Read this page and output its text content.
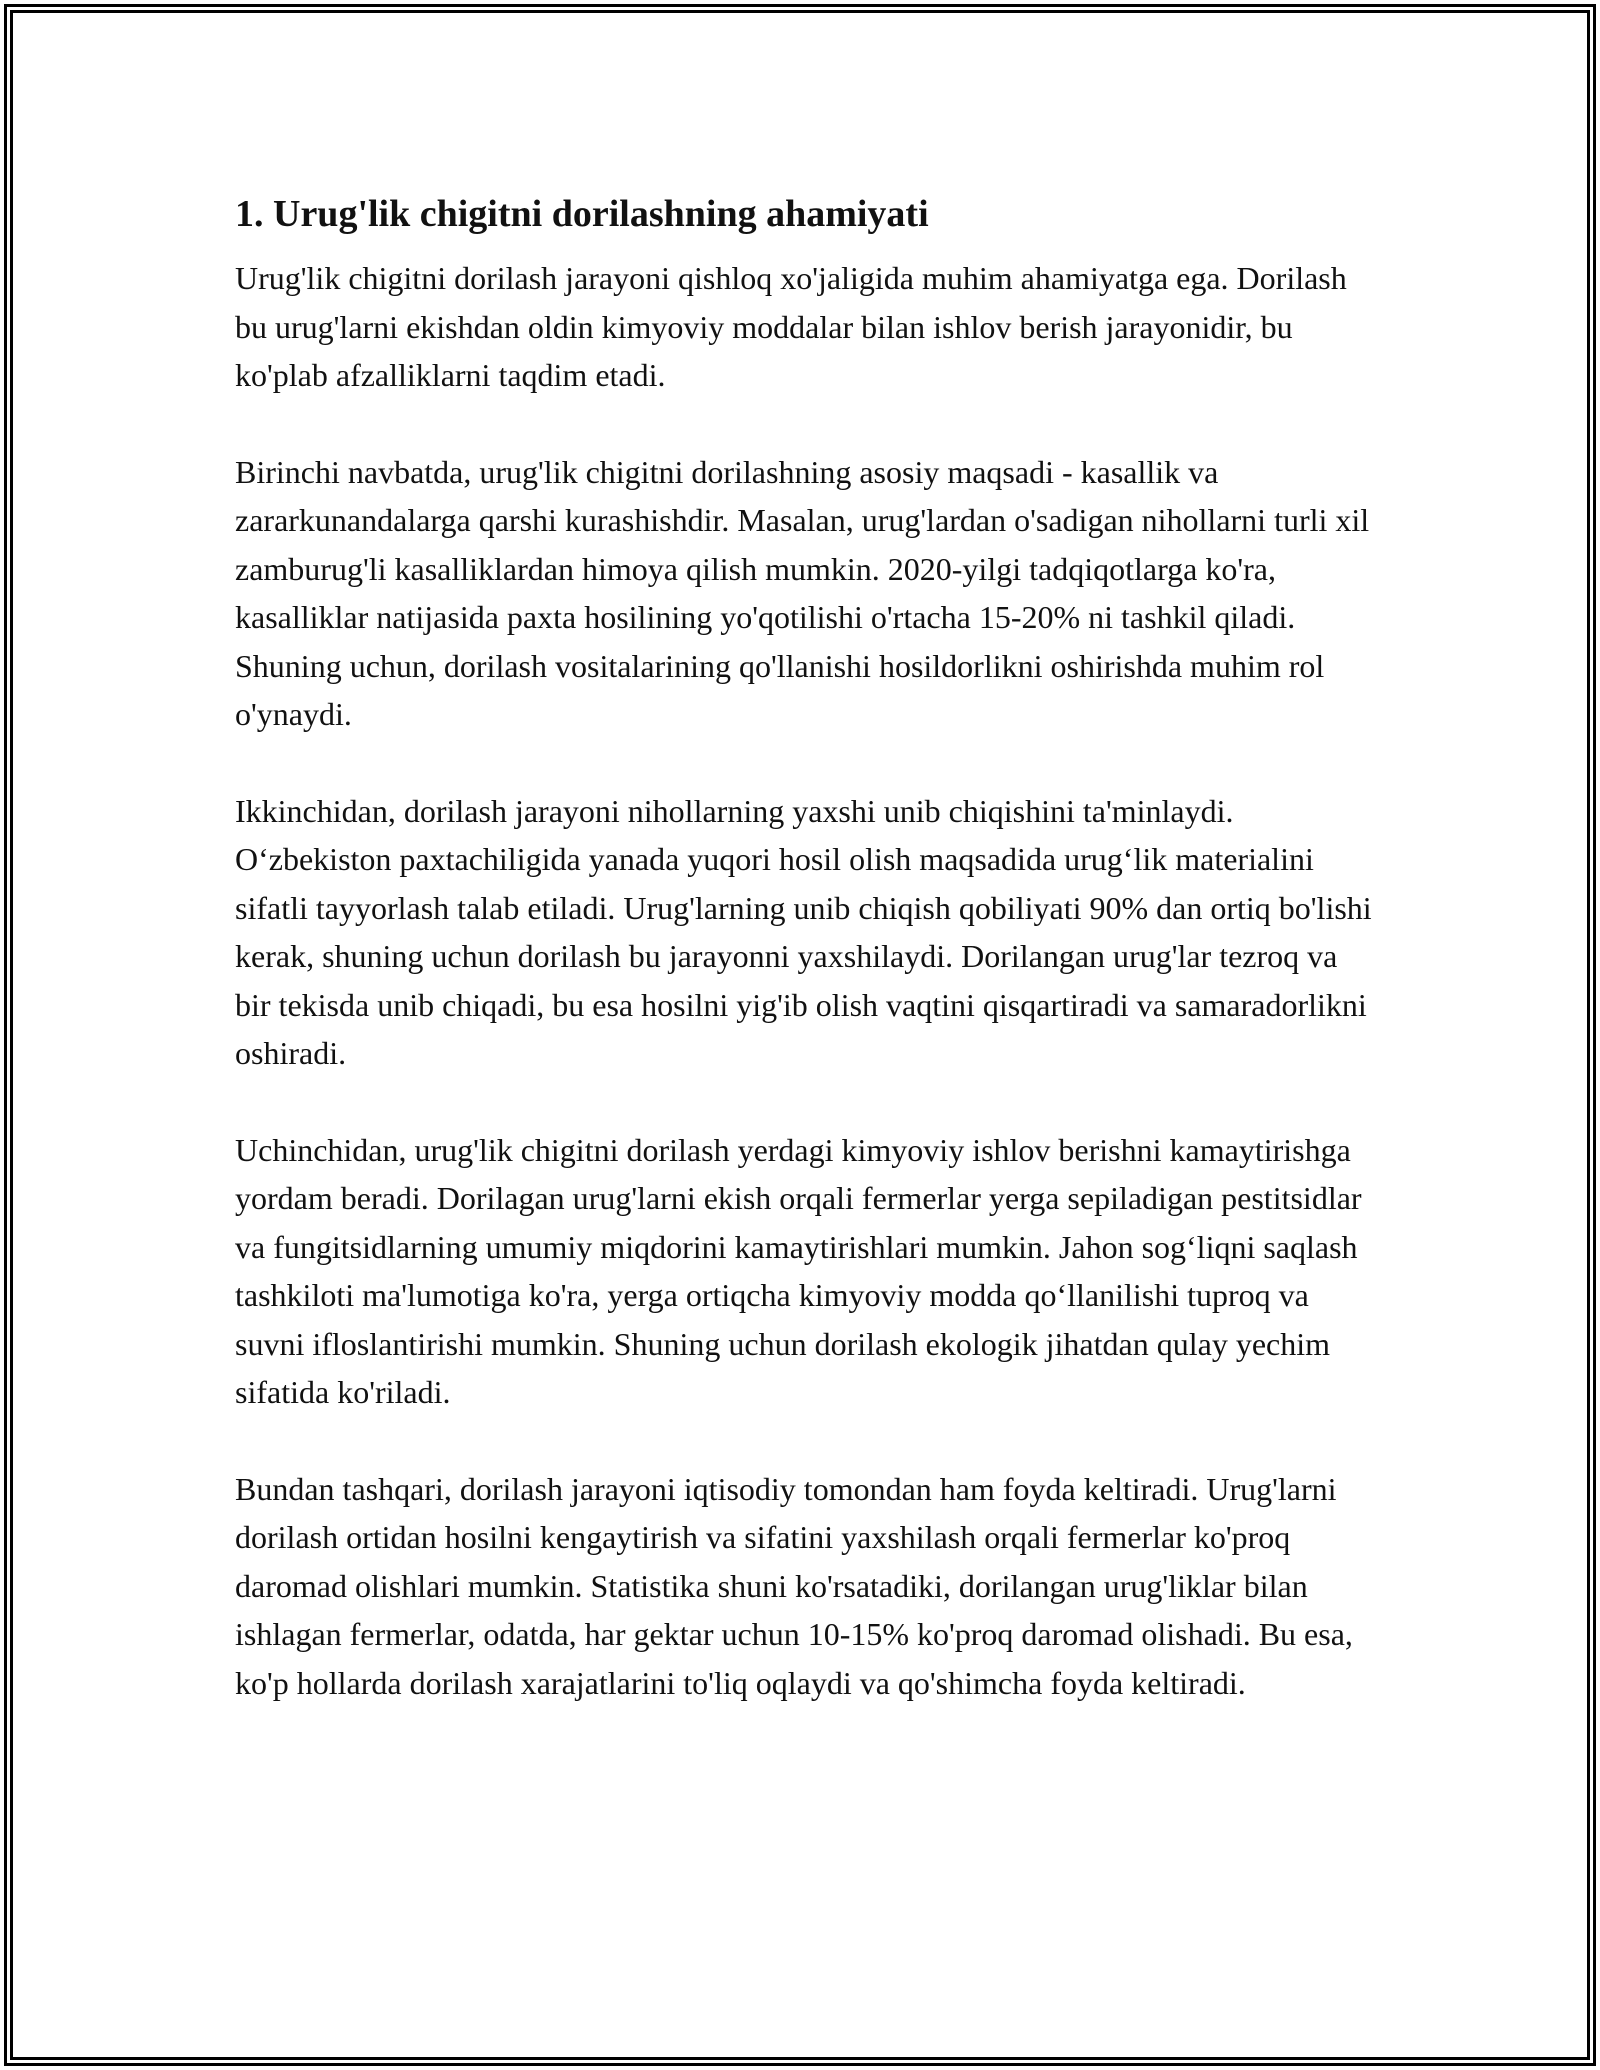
1. Urug'lik chigitni dorilashning ahamiyati

Urug'lik chigitni dorilash jarayoni qishloq xo'jaligida muhim ahamiyatga ega. Dorilash bu urug'larni ekishdan oldin kimyoviy moddalar bilan ishlov berish jarayonidir, bu ko'plab afzalliklarni taqdim etadi.

Birinchi navbatda, urug'lik chigitni dorilashning asosiy maqsadi - kasallik va zararkunandalarga qarshi kurashishdir. Masalan, urug'lardan o'sadigan nihollarni turli xil zamburug'li kasalliklardan himoya qilish mumkin. 2020-yilgi tadqiqotlarga ko'ra, kasalliklar natijasida paxta hosilining yo'qotilishi o'rtacha 15-20% ni tashkil qiladi. Shuning uchun, dorilash vositalarining qo'llanishi hosildorlikni oshirishda muhim rol o'ynaydi.

Ikkinchidan, dorilash jarayoni nihollarning yaxshi unib chiqishini ta'minlaydi. O‘zbekiston paxtachiligida yanada yuqori hosil olish maqsadida urug‘lik materialini sifatli tayyorlash talab etiladi. Urug'larning unib chiqish qobiliyati 90% dan ortiq bo'lishi kerak, shuning uchun dorilash bu jarayonni yaxshilaydi. Dorilangan urug'lar tezroq va bir tekisda unib chiqadi, bu esa hosilni yig'ib olish vaqtini qisqartiradi va samaradorlikni oshiradi.

Uchinchidan, urug'lik chigitni dorilash yerdagi kimyoviy ishlov berishni kamaytirishga yordam beradi. Dorilagan urug'larni ekish orqali fermerlar yerga sepiladigan pestitsidlar va fungitsidlarning umumiy miqdorini kamaytirishlari mumkin. Jahon sog‘liqni saqlash tashkiloti ma'lumotiga ko'ra, yerga ortiqcha kimyoviy modda qo‘llanilishi tuproq va suvni ifloslantirishi mumkin. Shuning uchun dorilash ekologik jihatdan qulay yechim sifatida ko'riladi.

Bundan tashqari, dorilash jarayoni iqtisodiy tomondan ham foyda keltiradi. Urug'larni dorilash ortidan hosilni kengaytirish va sifatini yaxshilash orqali fermerlar ko'proq daromad olishlari mumkin. Statistika shuni ko'rsatadiki, dorilangan urug'liklar bilan ishlagan fermerlar, odatda, har gektar uchun 10-15% ko'proq daromad olishadi. Bu esa, ko'p hollarda dorilash xarajatlarini to'liq oqlaydi va qo'shimcha foyda keltiradi.
